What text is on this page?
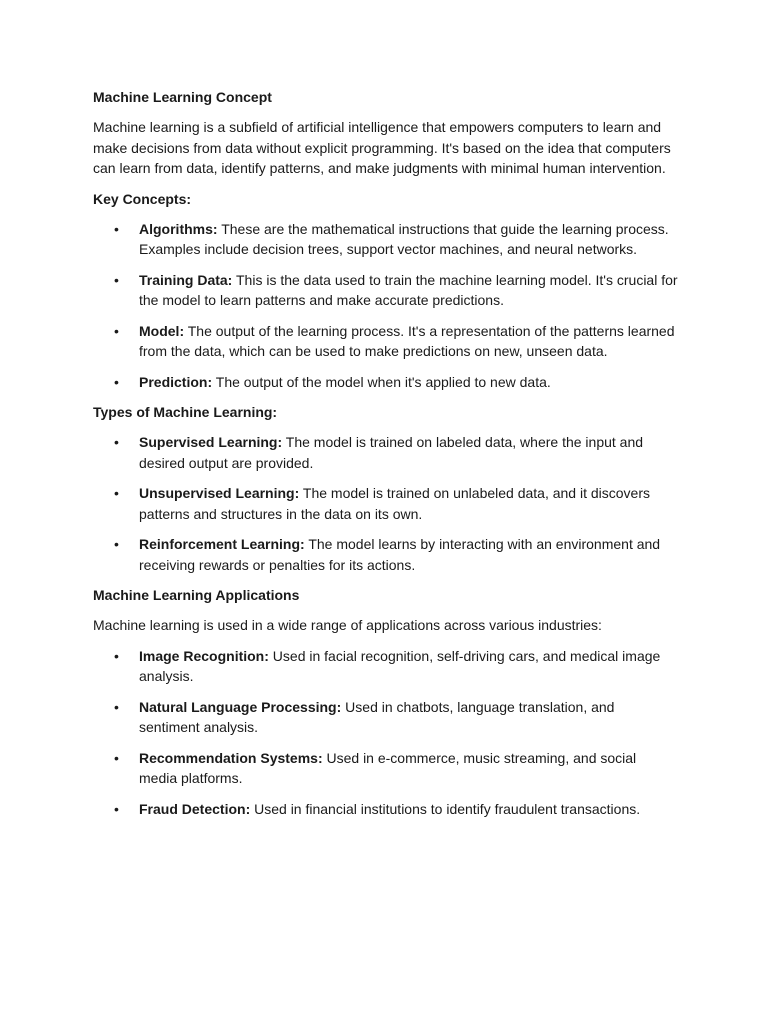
Machine Learning Concept
Machine learning is a subfield of artificial intelligence that empowers computers to learn and make decisions from data without explicit programming. It's based on the idea that computers can learn from data, identify patterns, and make judgments with minimal human intervention.
Key Concepts:
• Algorithms: These are the mathematical instructions that guide the learning process. Examples include decision trees, support vector machines, and neural networks.
• Training Data: This is the data used to train the machine learning model. It's crucial for the model to learn patterns and make accurate predictions.
• Model: The output of the learning process. It's a representation of the patterns learned from the data, which can be used to make predictions on new, unseen data.
• Prediction: The output of the model when it's applied to new data.
Types of Machine Learning:
• Supervised Learning: The model is trained on labeled data, where the input and desired output are provided.
• Unsupervised Learning: The model is trained on unlabeled data, and it discovers patterns and structures in the data on its own.
• Reinforcement Learning: The model learns by interacting with an environment and receiving rewards or penalties for its actions.
Machine Learning Applications
Machine learning is used in a wide range of applications across various industries:
• Image Recognition: Used in facial recognition, self-driving cars, and medical image analysis.
• Natural Language Processing: Used in chatbots, language translation, and sentiment analysis.
• Recommendation Systems: Used in e-commerce, music streaming, and social media platforms.
• Fraud Detection: Used in financial institutions to identify fraudulent transactions.
